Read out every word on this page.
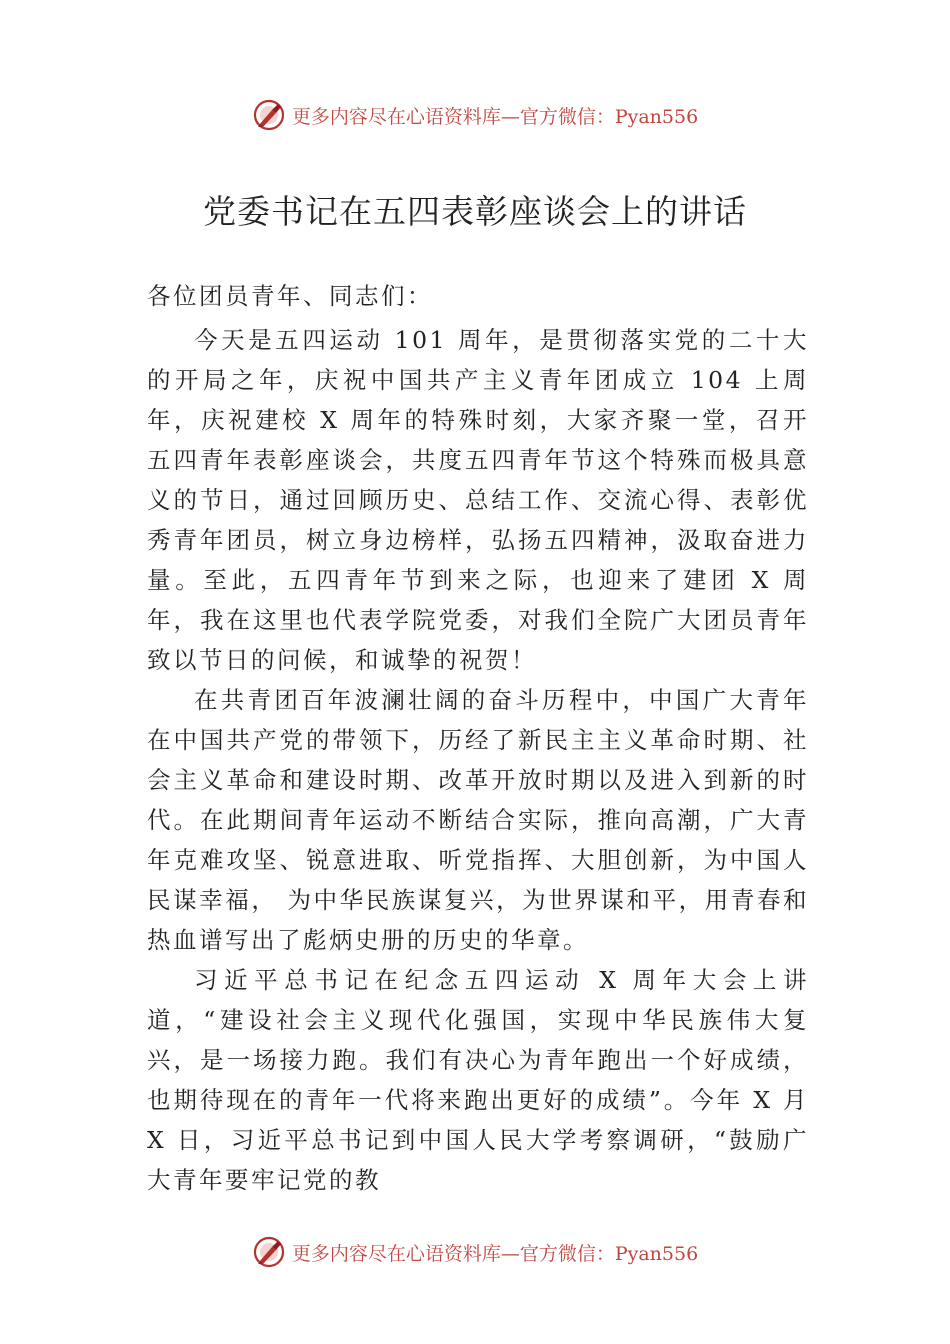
更多内容尽在心语资料库—官方微信：Pyan556
党委书记在五四表彰座谈会上的讲话

各位团员青年、同志们：

今天是五四运动 101 周年，是贯彻落实党的二十大的开局之年，庆祝中国共产主义青年团成立 104 上周年，庆祝建校 X 周年的特殊时刻，大家齐聚一堂，召开五四青年表彰座谈会，共度五四青年节这个特殊而极具意义的节日，通过回顾历史、总结工作、交流心得、表彰优秀青年团员，树立身边榜样，弘扬五四精神，汲取奋进力量。至此，五四青年节到来之际，也迎来了建团 X 周年，我在这里也代表学院党委，对我们全院广大团员青年致以节日的问候，和诚挚的祝贺！

在共青团百年波澜壮阔的奋斗历程中，中国广大青年在中国共产党的带领下，历经了新民主主义革命时期、社会主义革命和建设时期、改革开放时期以及进入到新的时代。在此期间青年运动不断结合实际，推向高潮，广大青年克难攻坚、锐意进取、听党指挥、大胆创新，为中国人民谋幸福， 为中华民族谋复兴，为世界谋和平，用青春和热血谱写出了彪炳史册的历史的华章。

习近平总书记在纪念五四运动 X 周年大会上讲道，“建设社会主义现代化强国，实现中华民族伟大复兴，是一场接力跑。我们有决心为青年跑出一个好成绩，也期待现在的青年一代将来跑出更好的成绩”。今年 X 月 X 日，习近平总书记到中国人民大学考察调研，“鼓励广大青年要牢记党的教

更多内容尽在心语资料库—官方微信：Pyan556
